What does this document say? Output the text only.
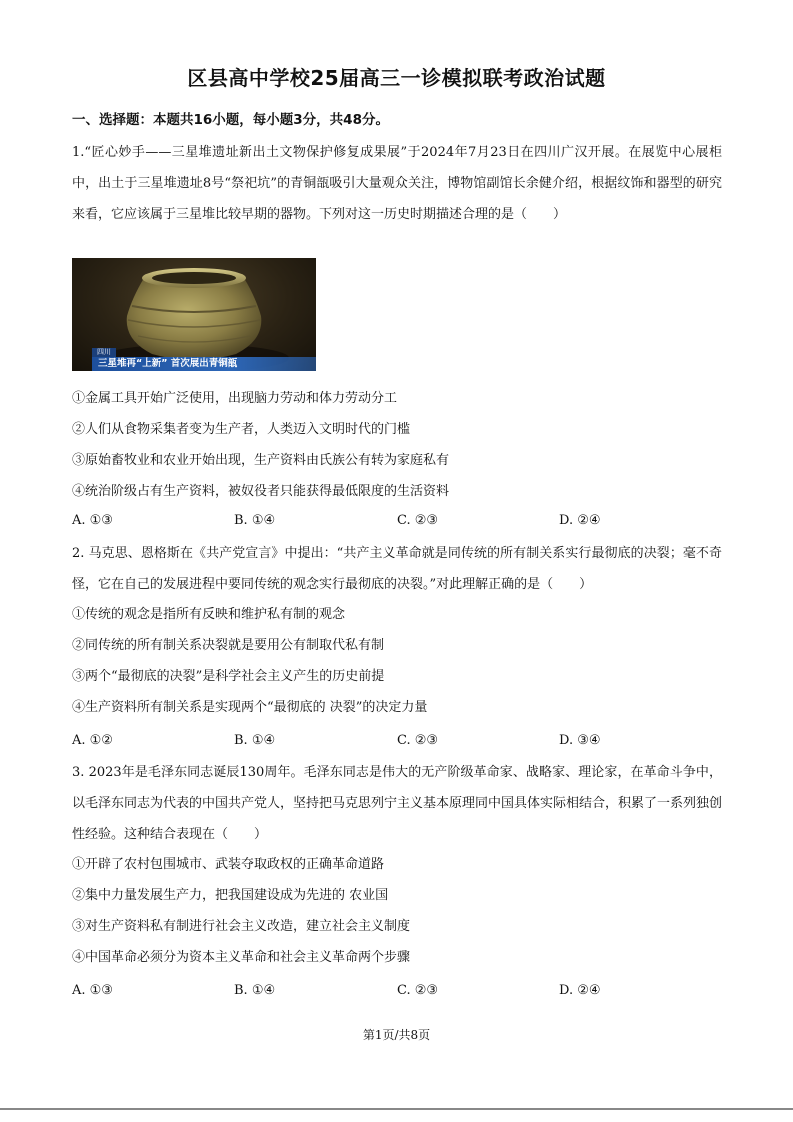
区县高中学校25届高三一诊模拟联考政治试题
一、选择题：本题共16小题，每小题3分，共48分。
1.“匠心妙手——三星堆遗址新出土文物保护修复成果展”于2024年7月23日在四川广汉开展。在展览中心展柜中，出土于三星堆遗址8号“祭祀坑”的青铜瓿吸引大量观众关注，博物馆副馆长余健介绍，根据纹饰和器型的研究来看，它应该属于三星堆比较早期的器物。下列对这一历史时期描述合理的是（　　）
四川
三星堆再“上新” 首次展出青铜瓿
①金属工具开始广泛使用，出现脑力劳动和体力劳动分工
②人们从食物采集者变为生产者，人类迈入文明时代的门槛
③原始畜牧业和农业开始出现，生产资料由氏族公有转为家庭私有
④统治阶级占有生产资料，被奴役者只能获得最低限度的生活资料
A. ①③	B. ①④	C. ②③	D. ②④
2. 马克思、恩格斯在《共产党宣言》中提出：“共产主义革命就是同传统的所有制关系实行最彻底的决裂；毫不奇怪，它在自己的发展进程中要同传统的观念实行最彻底的决裂。”对此理解正确的是（　　）
①传统的观念是指所有反映和维护私有制的观念
②同传统的所有制关系决裂就是要用公有制取代私有制
③两个“最彻底的决裂”是科学社会主义产生的历史前提
④生产资料所有制关系是实现两个“最彻底的 决裂”的决定力量
A. ①②	B. ①④	C. ②③	D. ③④
3. 2023年是毛泽东同志诞辰130周年。毛泽东同志是伟大的无产阶级革命家、战略家、理论家，在革命斗争中，以毛泽东同志为代表的中国共产党人，坚持把马克思列宁主义基本原理同中国具体实际相结合，积累了一系列独创性经验。这种结合表现在（　　）
①开辟了农村包围城市、武装夺取政权的正确革命道路
②集中力量发展生产力，把我国建设成为先进的 农业国
③对生产资料私有制进行社会主义改造，建立社会主义制度
④中国革命必须分为资本主义革命和社会主义革命两个步骤
A. ①③	B. ①④	C. ②③	D. ②④
第1页/共8页
